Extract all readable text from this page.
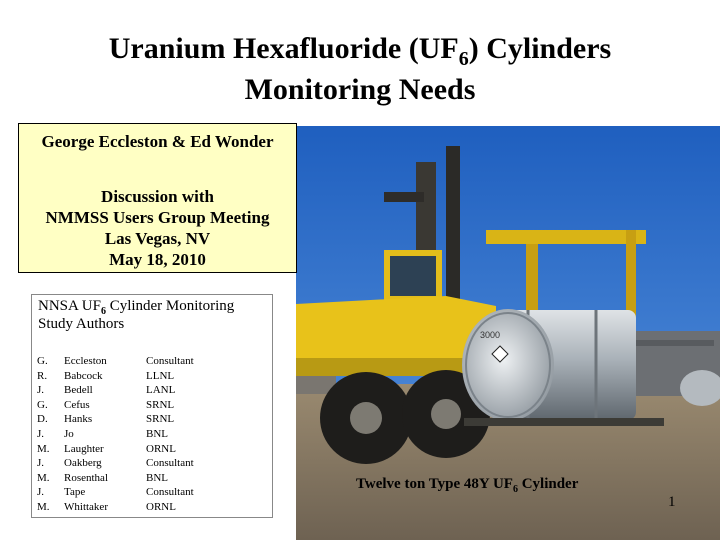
Uranium Hexafluoride $(UF_6)$ Cylinders
Monitoring Needs
3000
George Eccleston & Ed Wonder
Discussion with
NMMSS Users Group Meeting
Las Vegas, NV
May 18, 2010
NNSA $UF_6$ Cylinder Monitoring Study Authors
G.	Eccleston	Consultant
R.	Babcock	LLNL
J.	Bedell	LANL
G.	Cefus	SRNL
D.	Hanks	SRNL
J.	Jo	BNL
M.	Laughter	ORNL
J.	Oakberg	Consultant
M.	Rosenthal	BNL
J.	Tape	Consultant
M.	Whittaker	ORNL
Twelve ton Type 48Y $UF_6$ Cylinder
1
